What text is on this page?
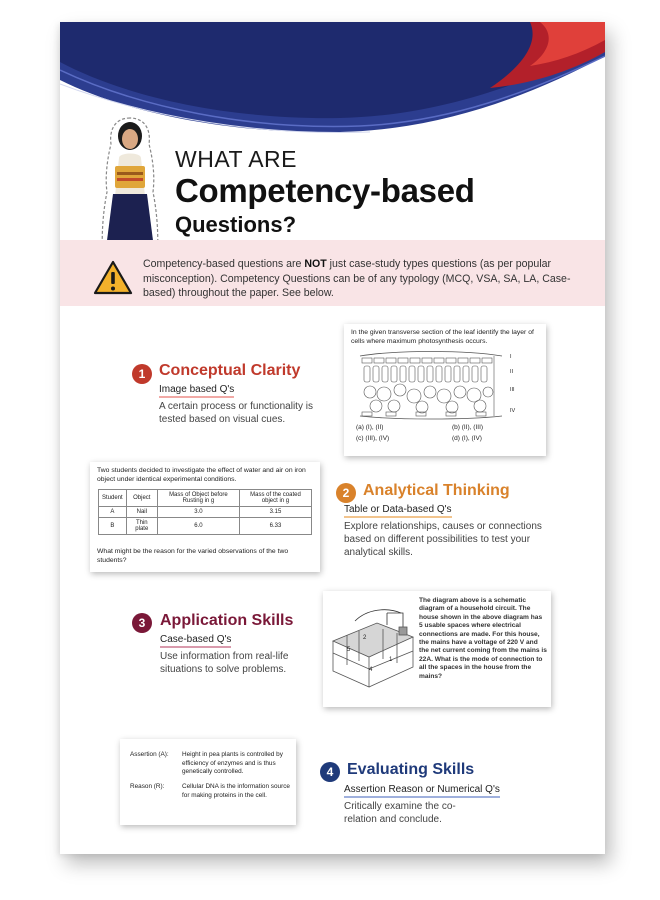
WHAT ARE
Competency-based
Questions?
Competency-based questions are NOT just case-study types questions (as per popular misconception). Competency Questions can be of any typology (MCQ, VSA, SA, LA, Case-based) throughout the paper. See below.
In the given transverse section of the leaf identify the layer of cells where maximum photosynthesis occurs.
I
II
III
IV
(a) (I), (II)	(b) (II), (III)
(c) (III), (IV)	(d) (I), (IV)
1 Conceptual Clarity
Image based Q's
A certain process or functionality is tested based on visual cues.
Two students decided to investigate the effect of water and air on iron object under identical experimental conditions.
Student	Object	Mass of Object before Rusting in g	Mass of the coated object in g
A	Nail	3.0	3.15
B	Thin plate	6.0	6.33
What might be the reason for the varied observations of the two students?
2 Analytical Thinking
Table or Data-based Q's
Explore relationships, causes or connections based on different possibilities to test your analytical skills.
3 Application Skills
Case-based Q's
Use information from real-life situations to solve problems.
5
2
4
1
The diagram above is a schematic diagram of a household circuit. The house shown in the above diagram has 5 usable spaces where electrical connections are made. For this house, the mains have a voltage of 220 V and the net current coming from the mains is 22A. What is the mode of connection to all the spaces in the house from the mains?
Assertion (A): Height in pea plants is controlled by efficiency of enzymes and is thus genetically controlled.
Reason (R):	Cellular DNA is the information source for making proteins in the cell.
4 Evaluating Skills
Assertion Reason or Numerical Q's
Critically examine the co-relation and conclude.
